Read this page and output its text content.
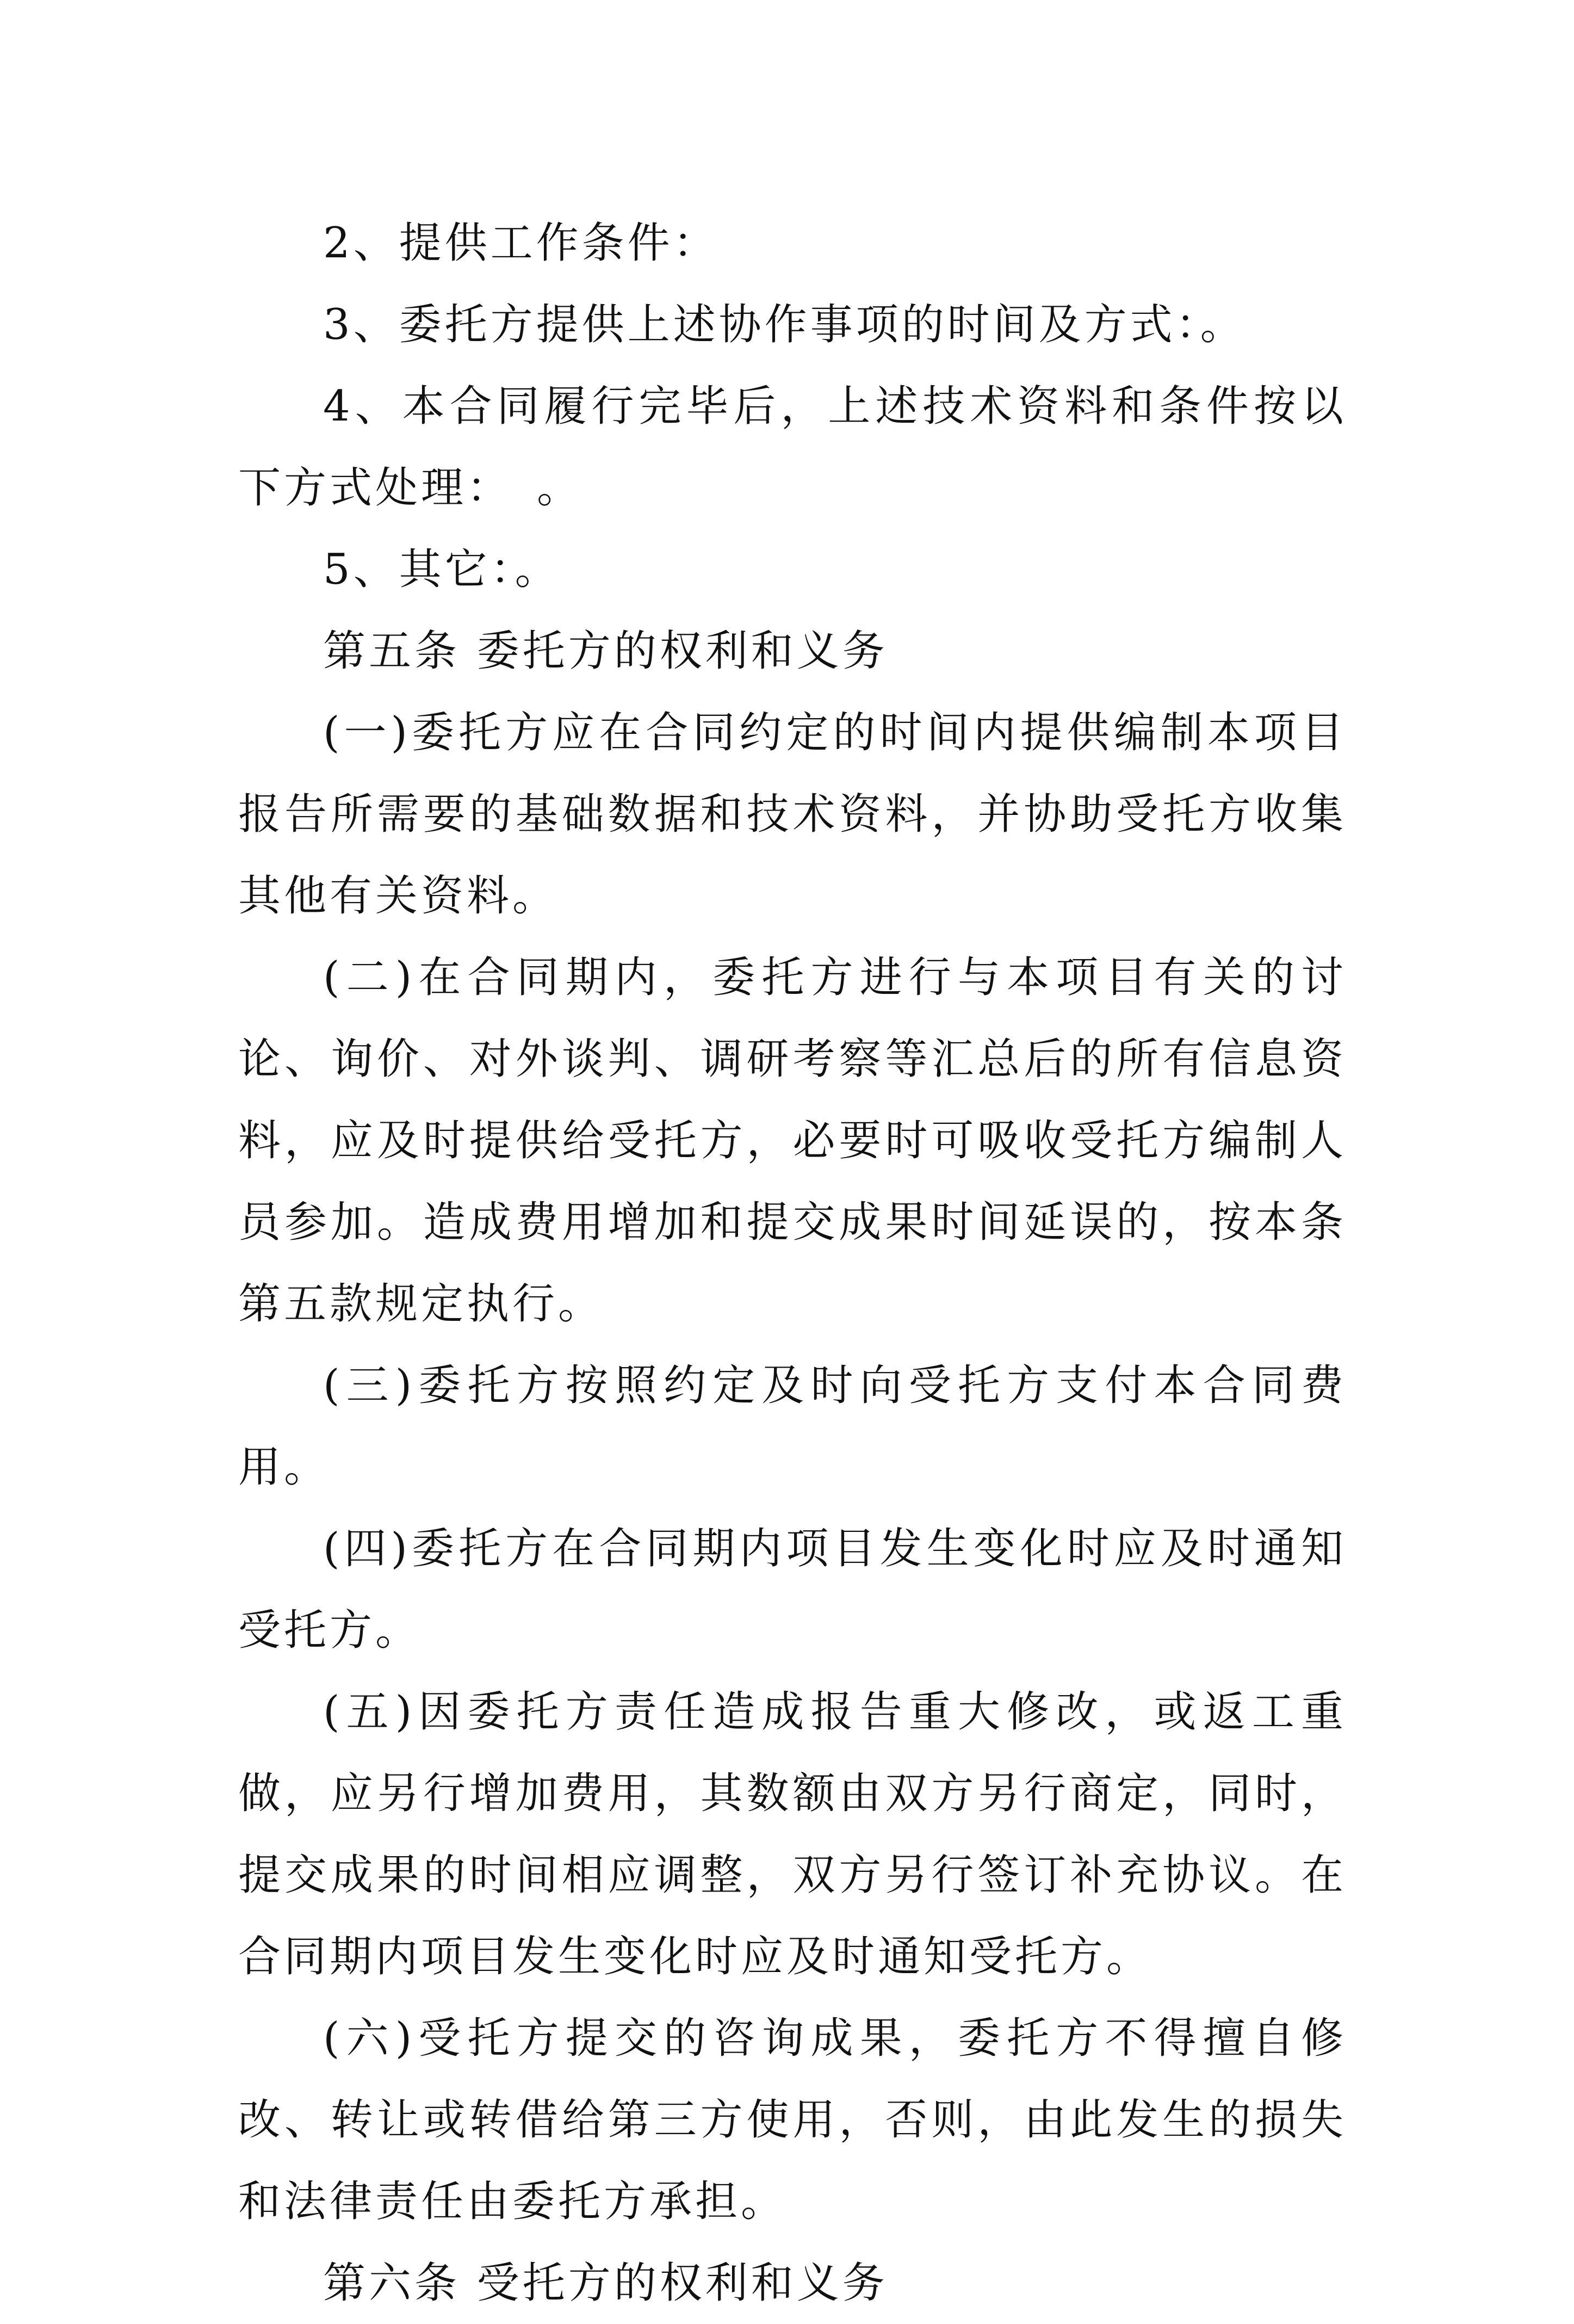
2、提供工作条件：

3、委托方提供上述协作事项的时间及方式：。

4、本合同履行完毕后，上述技术资料和条件按以下方式处理：　。

5、其它：。

第五条 委托方的权利和义务

(一)委托方应在合同约定的时间内提供编制本项目报告所需要的基础数据和技术资料，并协助受托方收集其他有关资料。

(二)在合同期内，委托方进行与本项目有关的讨论、询价、对外谈判、调研考察等汇总后的所有信息资料，应及时提供给受托方，必要时可吸收受托方编制人员参加。造成费用增加和提交成果时间延误的，按本条第五款规定执行。

(三)委托方按照约定及时向受托方支付本合同费用。

(四)委托方在合同期内项目发生变化时应及时通知受托方。

(五)因委托方责任造成报告重大修改，或返工重做，应另行增加费用，其数额由双方另行商定，同时，提交成果的时间相应调整，双方另行签订补充协议。在合同期内项目发生变化时应及时通知受托方。

(六)受托方提交的咨询成果，委托方不得擅自修改、转让或转借给第三方使用，否则，由此发生的损失和法律责任由委托方承担。

第六条 受托方的权利和义务
